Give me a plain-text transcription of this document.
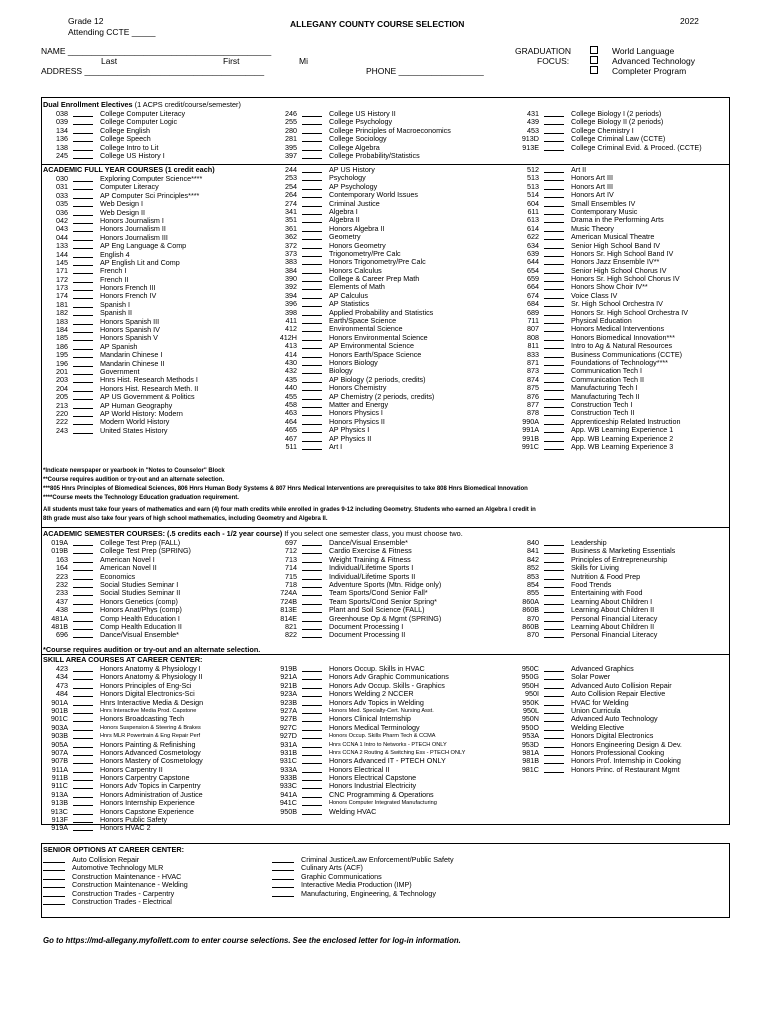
Grade 12
Attending CCTE _____
ALLEGANY COUNTY COURSE SELECTION	2022
NAME ___________________________________________
Last	First	Mi
ADDRESS ______________________________________	PHONE __________________
GRADUATION
FOCUS:
World Language
Advanced Technology
Completer Program
Dual Enrollment Electives (1 ACPS credit/course/semester)
038	College Computer Literacy
039	College Computer Logic
134	College English
136	College Speech
138	College Intro to Lit
245	College US History I
246	College US History II
255	College Psychology
280	College Principles of Macroeconomics
281	College Sociology
395	College Algebra
397	College Probability/Statistics
431	College Biology I (2 periods)
439	College Biology II (2 periods)
453	College Chemistry I
913D	College Criminal Law (CCTE)
913E	College Criminal Evid. & Proced. (CCTE)
ACADEMIC FULL YEAR COURSES (1 credit each)
030	Exploring Computer Science****
031	Computer Literacy
033	AP Computer Sci Principles****
035	Web Design I
036	Web Design II
042	Honors Journalism I
043	Honors Journalism II
044	Honors Journalism III
133	AP Eng Language & Comp
144	English 4
145	AP English Lit and Comp
171	French I
172	French II
173	Honors French III
174	Honors French IV
181	Spanish I
182	Spanish II
183	Honors Spanish III
184	Honors Spanish IV
185	Honors Spanish V
186	AP Spanish
195	Mandarin Chinese I
196	Mandarin Chinese II
201	Government
203	Hnrs Hist. Research Methods I
204	Honors Hist. Research Meth. II
205	AP US Government & Politics
213	AP Human Geography
220	AP World History: Modern
222	Modern World History
243	United States History
244	AP US History
253	Psychology
254	AP Psychology
264	Contemporary World Issues
274	Criminal Justice
341	Algebra I
351	Algebra II
361	Honors Algebra II
362	Geometry
372	Honors Geometry
373	Trigonometry/Pre Calc
383	Honors Trigonometry/Pre Calc
384	Honors Calculus
390	College & Career Prep Math
392	Elements of Math
394	AP Calculus
396	AP Statistics
398	Applied Probability and Statistics
411	Earth/Space Science
412	Environmental Science
412H	Honors Environmental Science
413	AP Environmental Science
414	Honors Earth/Space Science
430	Honors Biology
432	Biology
435	AP Biology (2 periods, credits)
440	Honors Chemistry
455	AP Chemistry (2 periods, credits)
458	Matter and Energy
463	Honors Physics I
464	Honors Physics II
465	AP Physics I
467	AP Physics II
511	Art I
512	Art II
513	Honors Art III
513	Honors Art III
514	Honors Art IV
604	Small Ensembles IV
611	Contemporary Music
613	Drama in the Performing Arts
614	Music Theory
622	American Musical Theatre
634	Senior High School Band IV
639	Honors Sr. High School Band IV
644	Honors Jazz Ensemble IV**
654	Senior High School Chorus IV
659	Honors Sr. High School Chorus IV
664	Honors Show Choir IV**
674	Voice Class IV
684	Sr. High School Orchestra IV
689	Honors Sr. High School Orchestra IV
711	Physical Education
807	Honors Medical Interventions
808	Honors Biomedical Innovation***
811	Intro to Ag & Natural Resources
833	Business Communications (CCTE)
871	Foundations of Technology****
873	Communication Tech I
874	Communication Tech II
875	Manufacturing Tech I
876	Manufacturing Tech II
877	Construction Tech I
878	Construction Tech II
990A	Apprenticeship Related Instruction
991A	App. WB Learning Experience 1
991B	App. WB Learning Experience 2
991C	App. WB Learning Experience 3
*Indicate newspaper or yearbook in "Notes to Counselor" Block
**Course requires audition or try-out and an alternate selection.
***805 Hnrs Principles of Biomedical Sciences, 806 Hnrs Human Body Systems & 807 Hnrs Medical Interventions are prerequisites to take 808 Hnrs Biomedical Innovation
****Course meets the Technology Education graduation requirement.
All students must take four years of mathematics and earn (4) four math credits while enrolled in grades 9-12 including Geometry. Students who earned an Algebra I credit in
8th grade must also take four years of high school mathematics, including Geometry and Algebra II.
ACADEMIC SEMESTER COURSES: (.5 credits each - 1/2 year course) If you select one semester class, you must choose two.
019A	College Test Prep (FALL)
019B	College Test Prep (SPRING)
163	American Novel I
164	American Novel II
223	Economics
232	Social Studies Seminar I
233	Social Studies Seminar II
437	Honors Genetics (comp)
438	Honors Anat/Phys (comp)
481A	Comp Health Education I
481B	Comp Health Education II
696	Dance/Visual Ensemble*
697	Dance/Visual Ensemble*
712	Cardio Exercise & Fitness
713	Weight Training & Fitness
714	Individual/Lifetime Sports I
715	Individual/Lifetime Sports II
718	Adventure Sports (Mtn. Ridge only)
724A	Team Sports/Cond Senior Fall*
724B	Team Sports/Cond Senior Spring*
813E	Plant and Soil Science (FALL)
814E	Greenhouse Op & Mgmt (SPRING)
821	Document Processing I
822	Document Processing II
840	Leadership
841	Business & Marketing Essentials
842	Principles of Entrepreneurship
852	Skills for Living
853	Nutrition & Food Prep
854	Food Trends
855	Entertaining with Food
860A	Learning About Children I
860B	Learning About Children II
870	Personal Financial Literacy
860B	Learning About Children II
870	Personal Financial Literacy
*Course requires audition or try-out and an alternate selection.
SKILL AREA COURSES AT CAREER CENTER:
423	Honors Anatomy & Physiology I
434	Honors Anatomy & Physiology II
473	Honors Principles of Eng-Sci
484	Honors Digital Electronics-Sci
901A	Hnrs Interactive Media & Design
901B	Hnrs Interactive Media Prod. Capstone
901C	Honors Broadcasting Tech
903A	Honors Suspension & Steering & Brakes
903B	Hnrs MLR Powertrain & Eng Repair Perf
905A	Honors Painting & Refinishing
907A	Honors Advanced Cosmetology
907B	Honors Mastery of Cosmetology
911A	Honors Carpentry II
911B	Honors Carpentry Capstone
911C	Honors Adv Topics in Carpentry
913A	Honors Administration of Justice
913B	Honors Internship Experience
913C	Honors Capstone Experience
913F	Honors Public Safety
919A	Honors HVAC 2
919B	Honors Occup. Skills in HVAC
921A	Honors Adv Graphic Communications
921B	Honors Adv Occup. Skills - Graphics
923A	Honors Welding 2 NCCER
923B	Honors Adv Topics in Welding
927A	Honors Med. Specialty-Cert. Nursing Asst.
927B	Honors Clinical Internship
927C	Honors Medical Terminology
927D	Honors Occup. Skills Pharm Tech & CCMA
931A	Hnrs CCNA 1 Intro to Networks - PTECH ONLY
931B	Hnrs CCNA 2 Routing & Switching Ess - PTECH ONLY
931C	Honors Advanced IT - PTECH ONLY
933A	Honors Electrical II
933B	Honors Electrical Capstone
933C	Honors Industrial Electricity
941A	CNC Programming & Operations
941C	Honors Computer Integrated Manufacturing
950B	Welding HVAC
950C	Advanced Graphics
950G	Solar Power
950H	Advanced Auto Collision Repair
950I	Auto Collision Repair Elective
950K	HVAC for Welding
950L	Union Curricula
950N	Advanced Auto Technology
950O	Welding Elective
953A	Honors Digital Electronics
953D	Honors Engineering Design & Dev.
981A	Honors Professional Cooking
981B	Honors Prof. Internship in Cooking
981C	Honors Princ. of Restaurant Mgmt
SENIOR OPTIONS AT CAREER CENTER:
Auto Collision Repair
Automotive Technology MLR
Construction Maintenance - HVAC
Construction Maintenance - Welding
Construction Trades - Carpentry
Construction Trades - Electrical
Criminal Justice/Law Enforcement/Public Safety
Culinary Arts (ACF)
Graphic Communications
Interactive Media Production (IMP)
Manufacturing, Engineering, & Technology
Go to https://md-allegany.myfollett.com to enter course selections. See the enclosed letter for log-in information.
